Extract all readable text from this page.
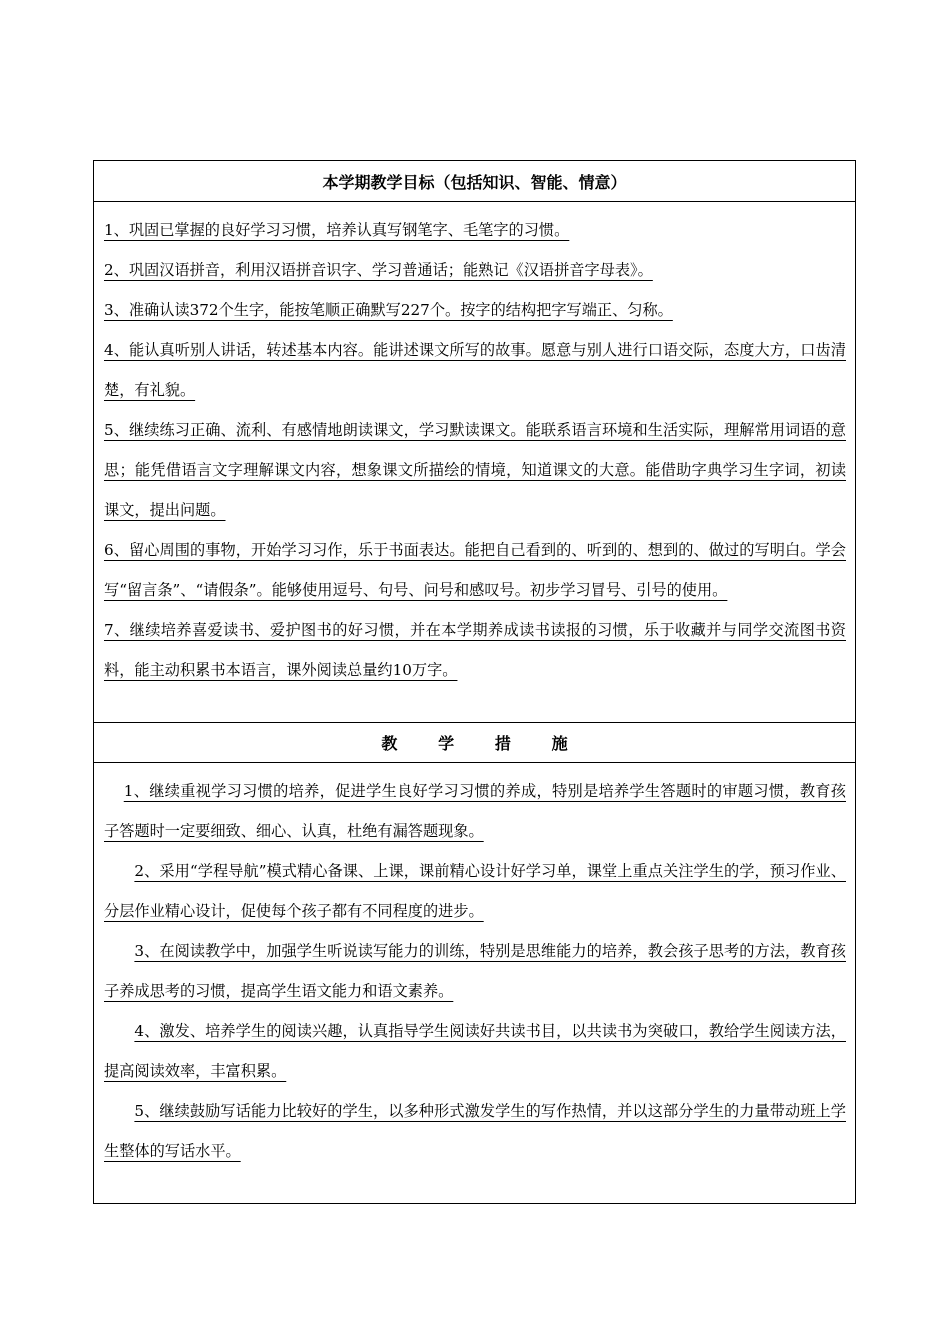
本学期教学目标（包括知识、智能、情意）

1、巩固已掌握的良好学习习惯，培养认真写钢笔字、毛笔字的习惯。

2、巩固汉语拼音，利用汉语拼音识字、学习普通话；能熟记《汉语拼音字母表》。

3、准确认读372个生字，能按笔顺正确默写227个。按字的结构把字写端正、匀称。

4、能认真听别人讲话，转述基本内容。能讲述课文所写的故事。愿意与别人进行口语交际，态度大方，口齿清楚，有礼貌。

5、继续练习正确、流利、有感情地朗读课文，学习默读课文。能联系语言环境和生活实际，理解常用词语的意思；能凭借语言文字理解课文内容，想象课文所描绘的情境，知道课文的大意。能借助字典学习生字词，初读课文，提出问题。

6、留心周围的事物，开始学习习作，乐于书面表达。能把自己看到的、听到的、想到的、做过的写明白。学会写“留言条”、“请假条”。能够使用逗号、句号、问号和感叹号。初步学习冒号、引号的使用。

7、继续培养喜爱读书、爱护图书的好习惯，并在本学期养成读书读报的习惯，乐于收藏并与同学交流图书资料，能主动积累书本语言，课外阅读总量约10万字。

教 学 措 施

1、继续重视学习习惯的培养，促进学生良好学习习惯的养成，特别是培养学生答题时的审题习惯，教育孩子答题时一定要细致、细心、认真，杜绝有漏答题现象。

2、采用“学程导航”模式精心备课、上课，课前精心设计好学习单，课堂上重点关注学生的学，预习作业、分层作业精心设计，促使每个孩子都有不同程度的进步。

3、在阅读教学中，加强学生听说读写能力的训练，特别是思维能力的培养，教会孩子思考的方法，教育孩子养成思考的习惯，提高学生语文能力和语文素养。

4、激发、培养学生的阅读兴趣，认真指导学生阅读好共读书目，以共读书为突破口，教给学生阅读方法，提高阅读效率，丰富积累。

5、继续鼓励写话能力比较好的学生，以多种形式激发学生的写作热情，并以这部分学生的力量带动班上学生整体的写话水平。
